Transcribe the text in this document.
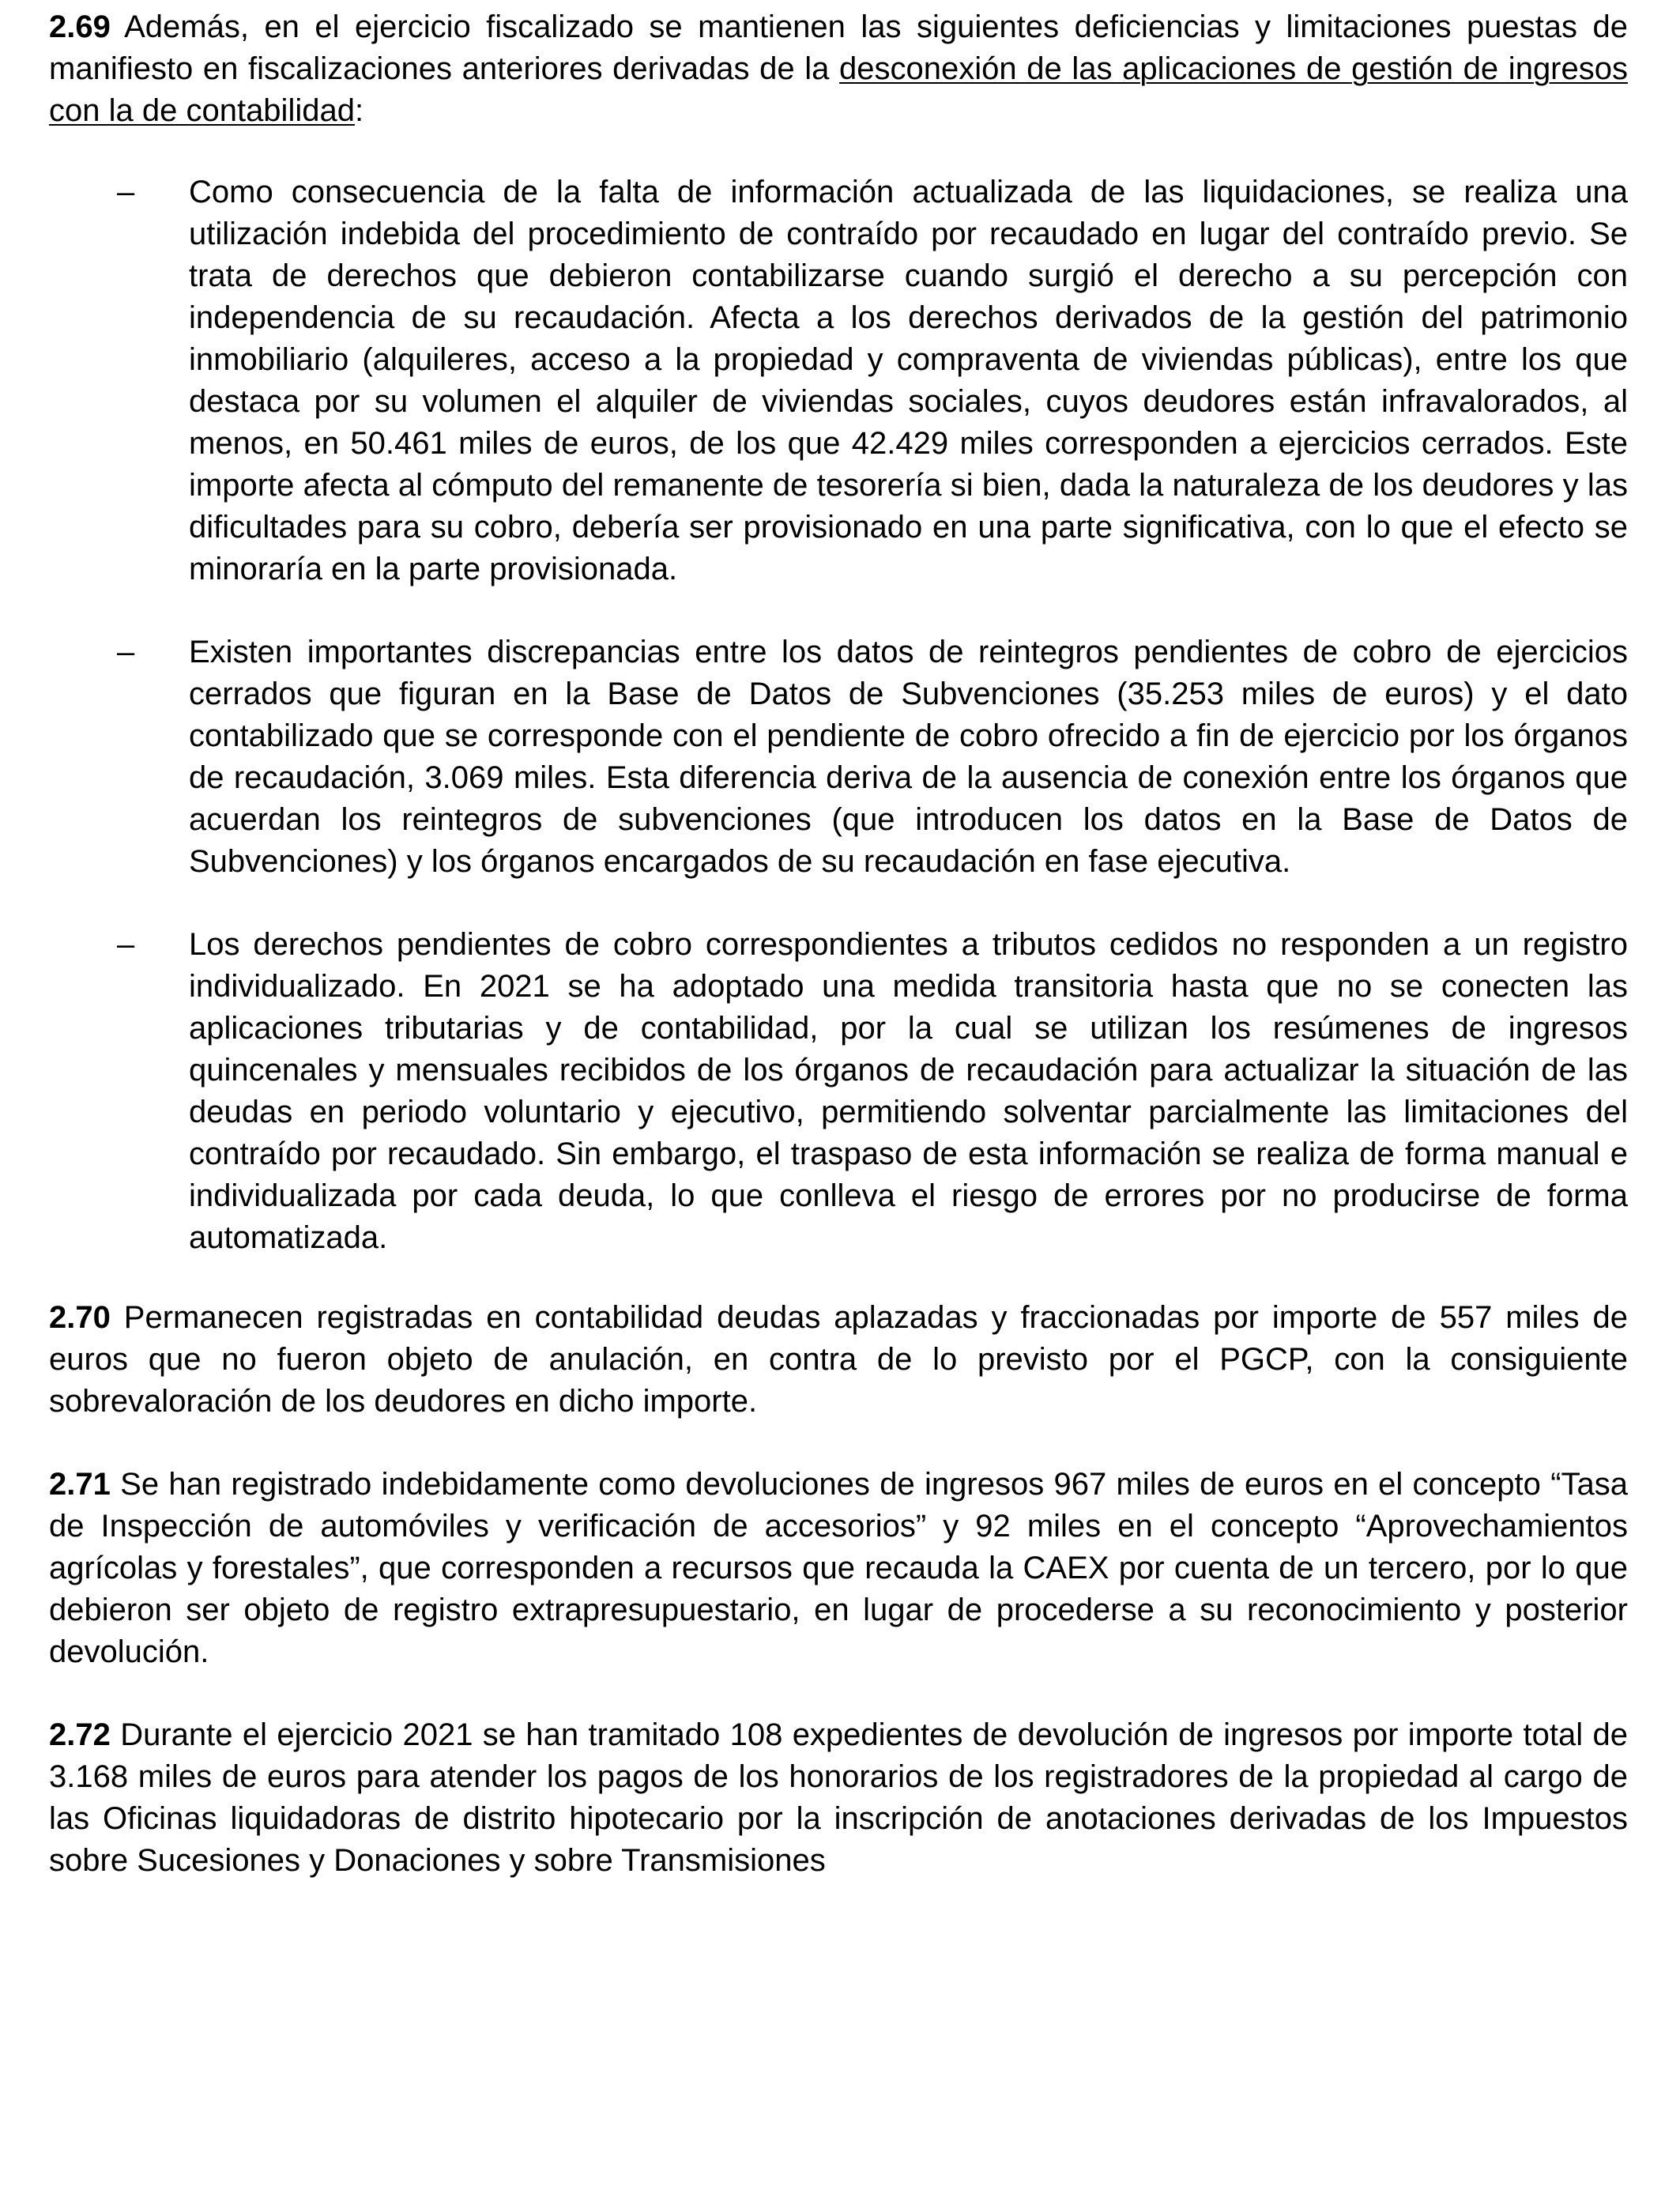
2.69 Además, en el ejercicio fiscalizado se mantienen las siguientes deficiencias y limitaciones puestas de manifiesto en fiscalizaciones anteriores derivadas de la desconexión de las aplicaciones de gestión de ingresos con la de contabilidad:

–	Como consecuencia de la falta de información actualizada de las liquidaciones, se realiza una utilización indebida del procedimiento de contraído por recaudado en lugar del contraído previo. Se trata de derechos que debieron contabilizarse cuando surgió el derecho a su percepción con independencia de su recaudación. Afecta a los derechos derivados de la gestión del patrimonio inmobiliario (alquileres, acceso a la propiedad y compraventa de viviendas públicas), entre los que destaca por su volumen el alquiler de viviendas sociales, cuyos deudores están infravalorados, al menos, en 50.461 miles de euros, de los que 42.429 miles corresponden a ejercicios cerrados. Este importe afecta al cómputo del remanente de tesorería si bien, dada la naturaleza de los deudores y las dificultades para su cobro, debería ser provisionado en una parte significativa, con lo que el efecto se minoraría en la parte provisionada.
–	Existen importantes discrepancias entre los datos de reintegros pendientes de cobro de ejercicios cerrados que figuran en la Base de Datos de Subvenciones (35.253 miles de euros) y el dato contabilizado que se corresponde con el pendiente de cobro ofrecido a fin de ejercicio por los órganos de recaudación, 3.069 miles. Esta diferencia deriva de la ausencia de conexión entre los órganos que acuerdan los reintegros de subvenciones (que introducen los datos en la Base de Datos de Subvenciones) y los órganos encargados de su recaudación en fase ejecutiva.
–	Los derechos pendientes de cobro correspondientes a tributos cedidos no responden a un registro individualizado. En 2021 se ha adoptado una medida transitoria hasta que no se conecten las aplicaciones tributarias y de contabilidad, por la cual se utilizan los resúmenes de ingresos quincenales y mensuales recibidos de los órganos de recaudación para actualizar la situación de las deudas en periodo voluntario y ejecutivo, permitiendo solventar parcialmente las limitaciones del contraído por recaudado. Sin embargo, el traspaso de esta información se realiza de forma manual e individualizada por cada deuda, lo que conlleva el riesgo de errores por no producirse de forma automatizada.

2.70 Permanecen registradas en contabilidad deudas aplazadas y fraccionadas por importe de 557 miles de euros que no fueron objeto de anulación, en contra de lo previsto por el PGCP, con la consiguiente sobrevaloración de los deudores en dicho importe.

2.71 Se han registrado indebidamente como devoluciones de ingresos 967 miles de euros en el concepto “Tasa de Inspección de automóviles y verificación de accesorios” y 92 miles en el concepto “Aprovechamientos agrícolas y forestales”, que corresponden a recursos que recauda la CAEX por cuenta de un tercero, por lo que debieron ser objeto de registro extrapresupuestario, en lugar de procederse a su reconocimiento y posterior devolución.

2.72 Durante el ejercicio 2021 se han tramitado 108 expedientes de devolución de ingresos por importe total de 3.168 miles de euros para atender los pagos de los honorarios de los registradores de la propiedad al cargo de las Oficinas liquidadoras de distrito hipotecario por la inscripción de anotaciones derivadas de los Impuestos sobre Sucesiones y Donaciones y sobre Transmisiones
